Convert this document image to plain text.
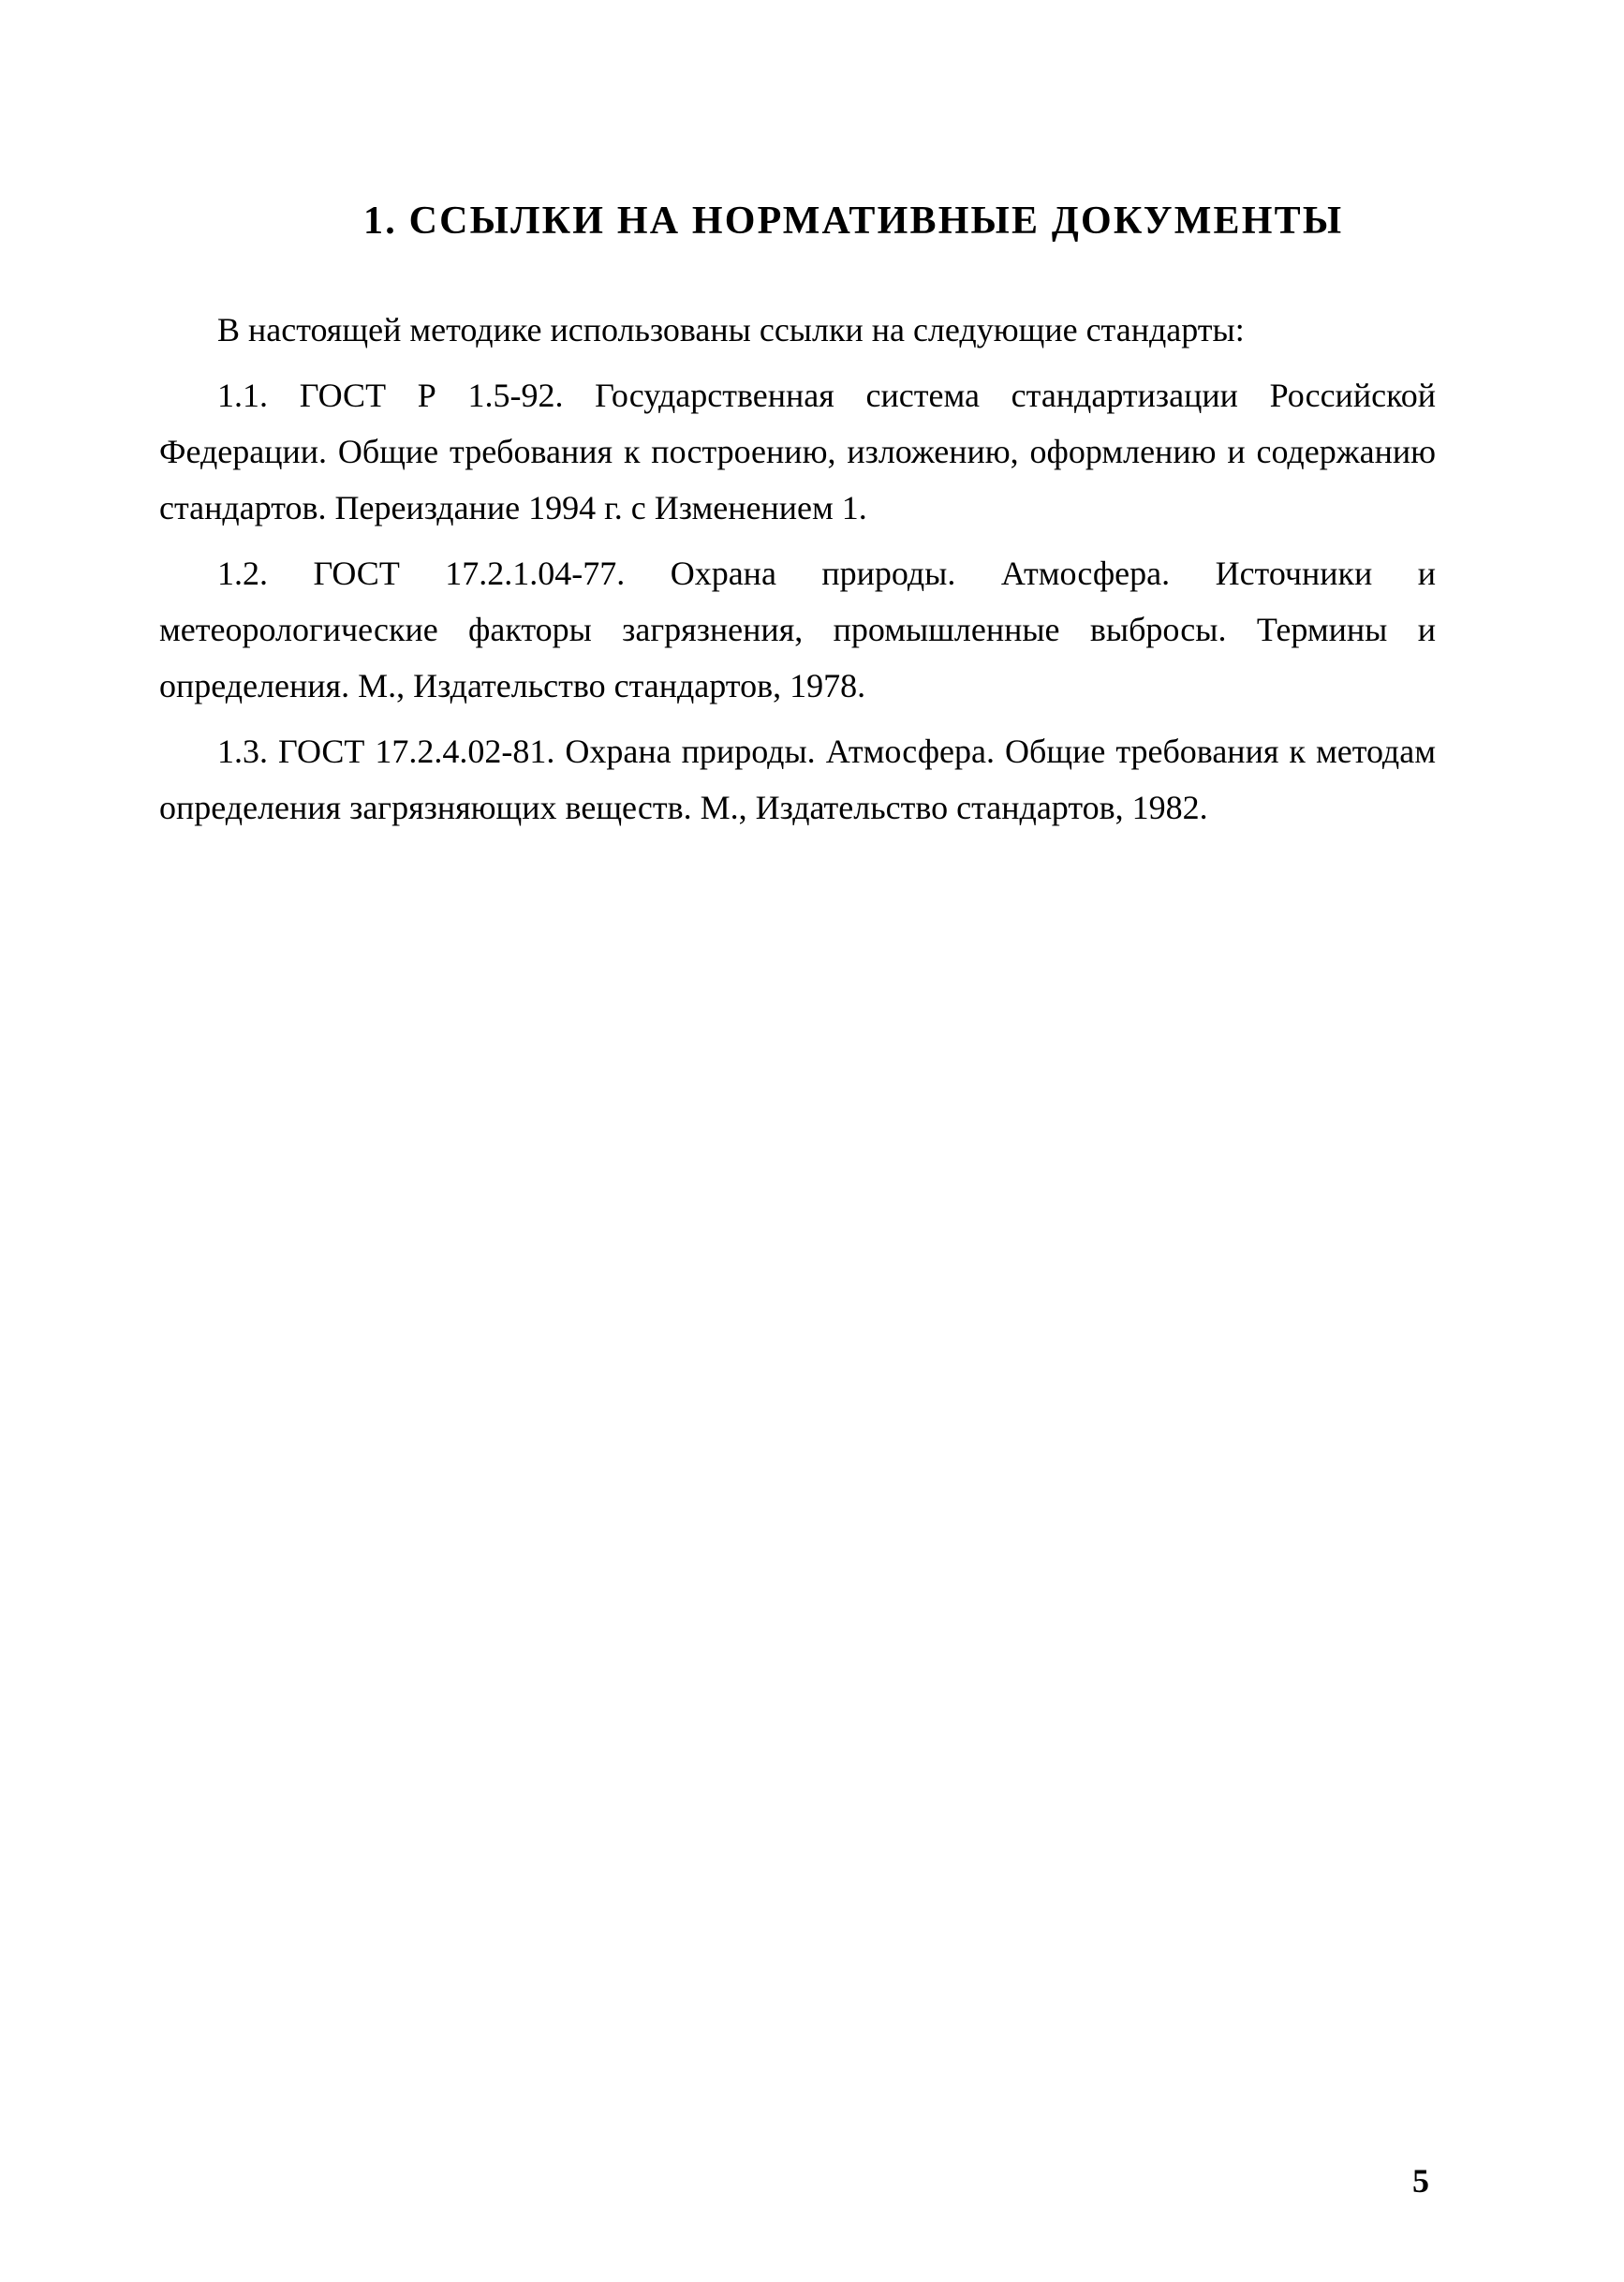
1. ССЫЛКИ НА НОРМАТИВНЫЕ ДОКУМЕНТЫ

В настоящей методике использованы ссылки на следующие стандарты:

1.1. ГОСТ Р 1.5-92. Государственная система стандартизации Российской Федерации. Общие требования к построению, изложению, оформлению и содержанию стандартов. Переиздание 1994 г. с Изменением 1.

1.2. ГОСТ 17.2.1.04-77. Охрана природы. Атмосфера. Источники и метеорологические факторы загрязнения, промышленные выбросы. Термины и определения. М., Издательство стандартов, 1978.

1.3. ГОСТ 17.2.4.02-81. Охрана природы. Атмосфера. Общие требования к методам определения загрязняющих веществ. М., Издательство стандартов, 1982.

5
